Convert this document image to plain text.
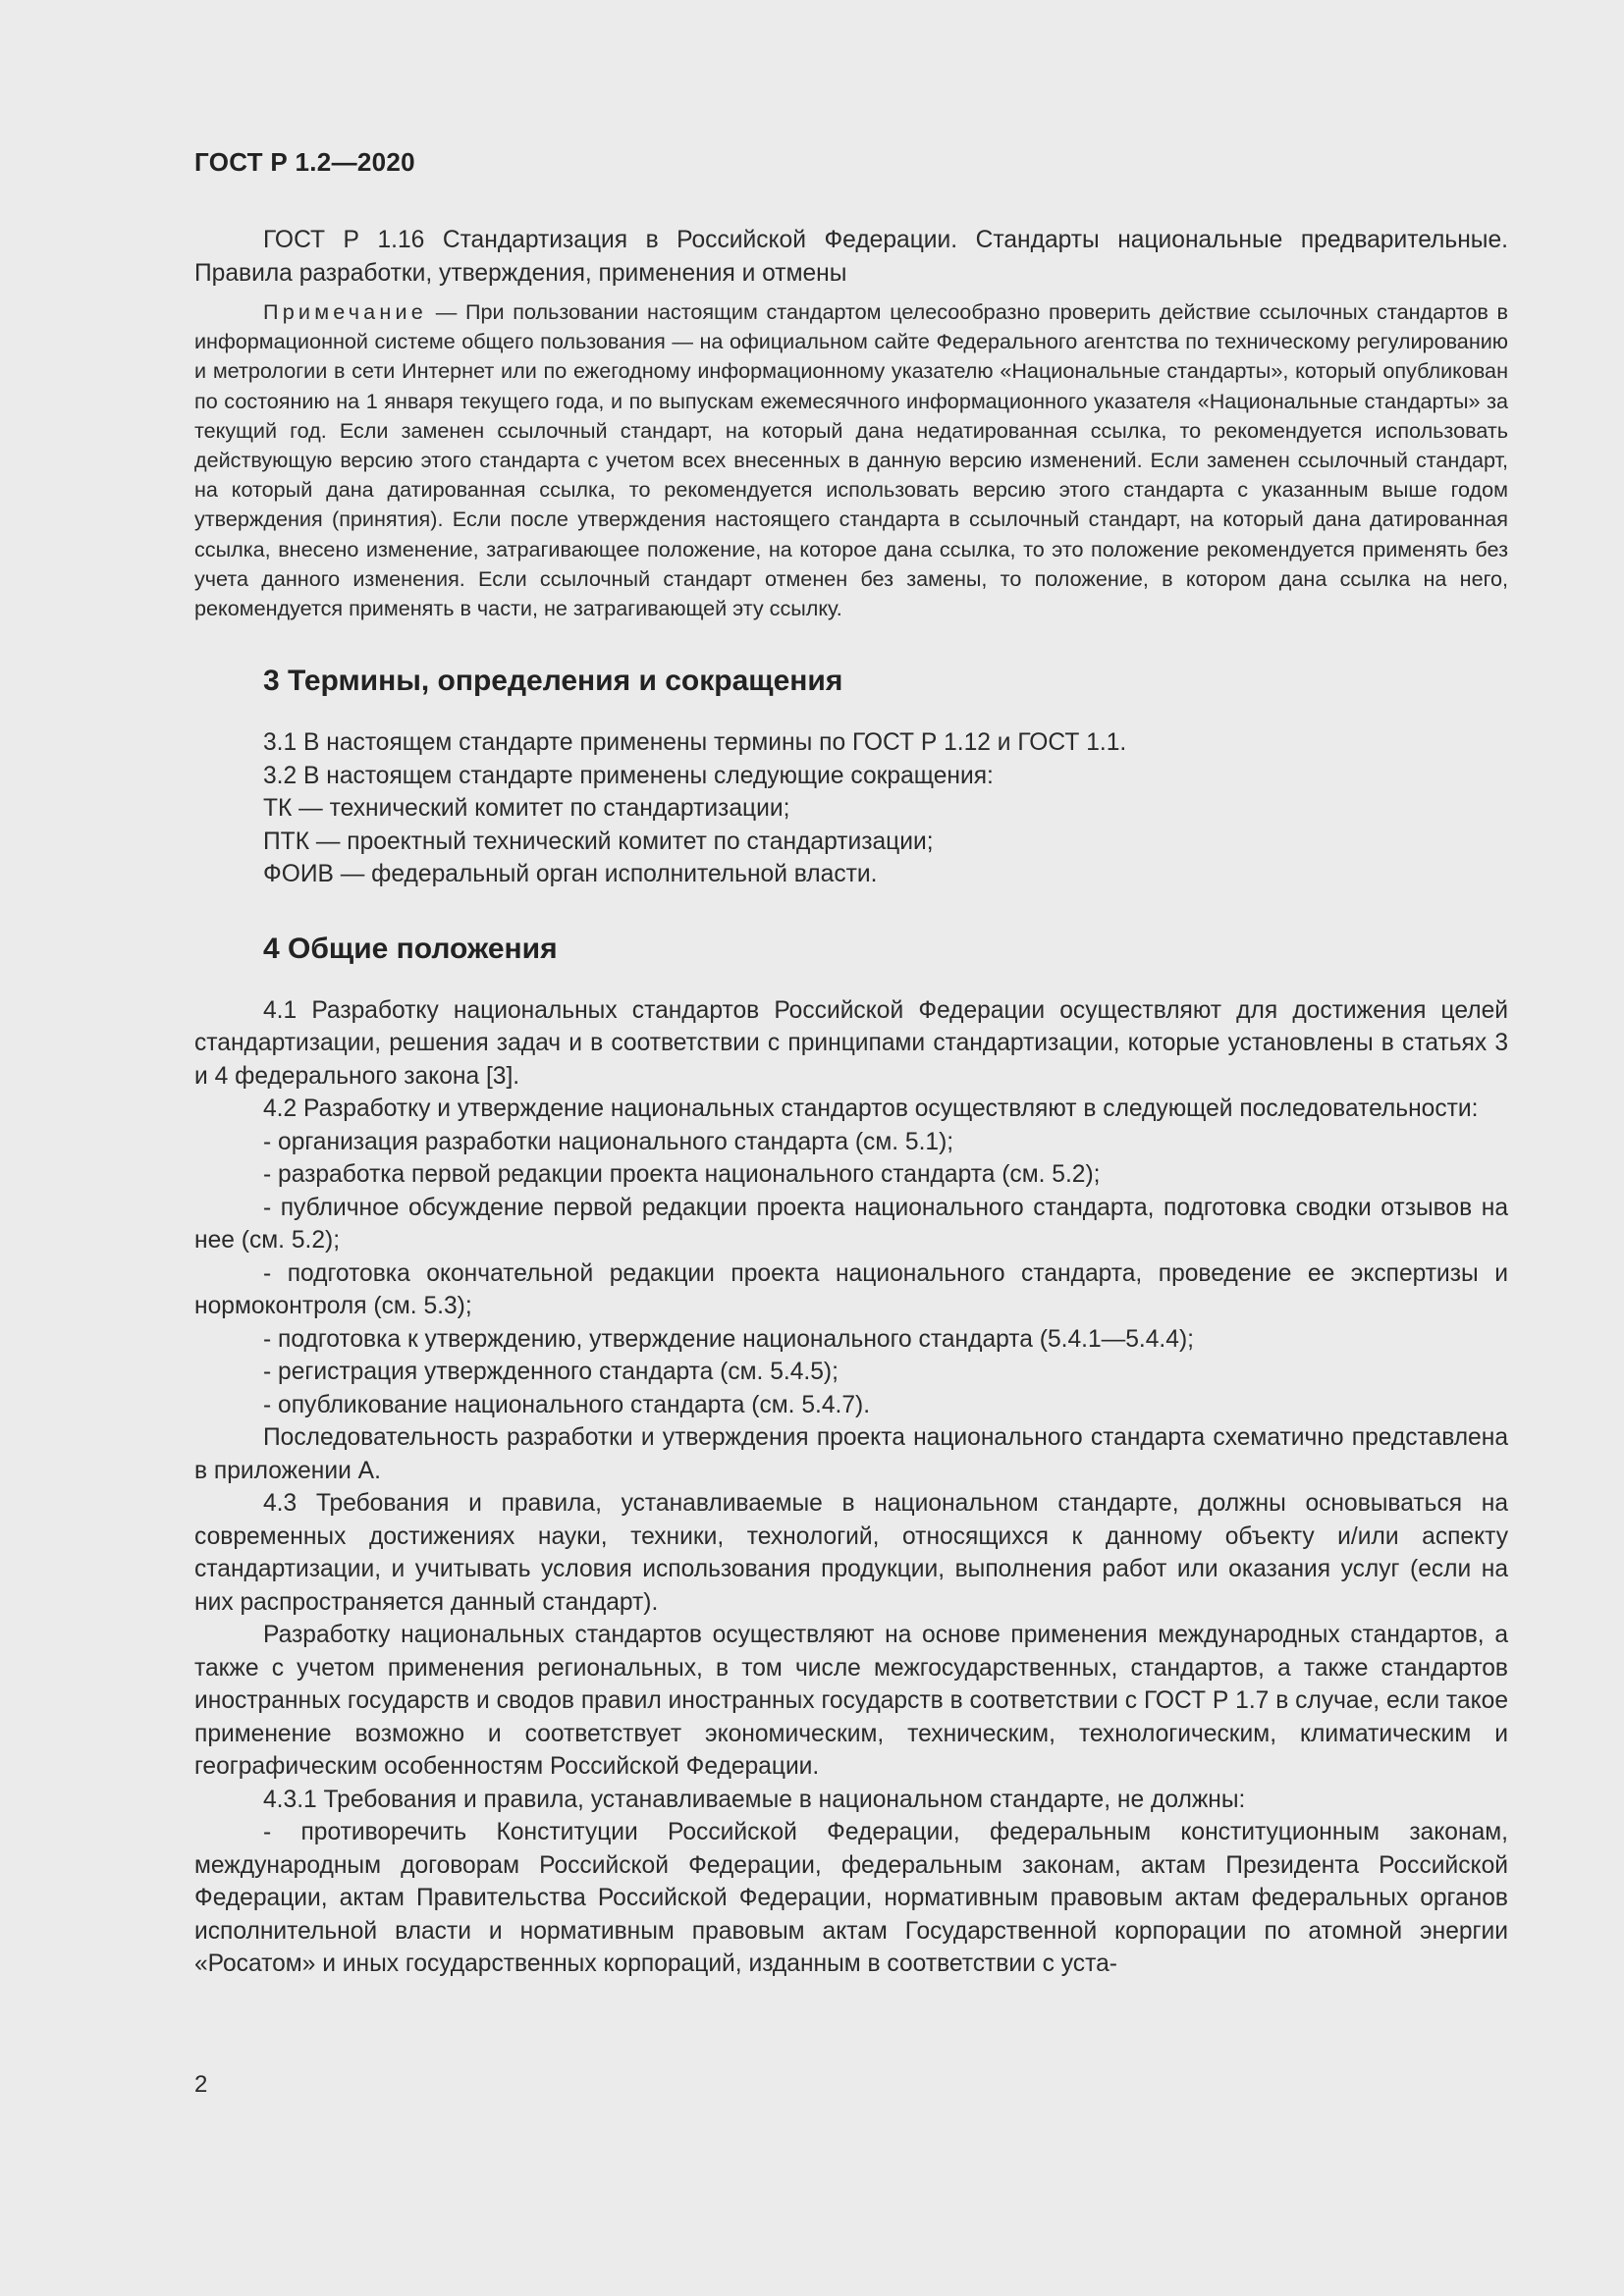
ГОСТ Р 1.2—2020

ГОСТ Р 1.16 Стандартизация в Российской Федерации. Стандарты национальные предварительные. Правила разработки, утверждения, применения и отмены

Примечание — При пользовании настоящим стандартом целесообразно проверить действие ссылочных стандартов в информационной системе общего пользования — на официальном сайте Федерального агентства по техническому регулированию и метрологии в сети Интернет или по ежегодному информационному указателю «Национальные стандарты», который опубликован по состоянию на 1 января текущего года, и по выпускам ежемесячного информационного указателя «Национальные стандарты» за текущий год. Если заменен ссылочный стандарт, на который дана недатированная ссылка, то рекомендуется использовать действующую версию этого стандарта с учетом всех внесенных в данную версию изменений. Если заменен ссылочный стандарт, на который дана датированная ссылка, то рекомендуется использовать версию этого стандарта с указанным выше годом утверждения (принятия). Если после утверждения настоящего стандарта в ссылочный стандарт, на который дана датированная ссылка, внесено изменение, затрагивающее положение, на которое дана ссылка, то это положение рекомендуется применять без учета данного изменения. Если ссылочный стандарт отменен без замены, то положение, в котором дана ссылка на него, рекомендуется применять в части, не затрагивающей эту ссылку.

3 Термины, определения и сокращения

3.1 В настоящем стандарте применены термины по ГОСТ Р 1.12 и ГОСТ 1.1.

3.2 В настоящем стандарте применены следующие сокращения:

ТК — технический комитет по стандартизации;

ПТК — проектный технический комитет по стандартизации;

ФОИВ — федеральный орган исполнительной власти.

4 Общие положения

4.1 Разработку национальных стандартов Российской Федерации осуществляют для достижения целей стандартизации, решения задач и в соответствии с принципами стандартизации, которые установлены в статьях 3 и 4 федерального закона [3].

4.2 Разработку и утверждение национальных стандартов осуществляют в следующей последовательности:

- организация разработки национального стандарта (см. 5.1);

- разработка первой редакции проекта национального стандарта (см. 5.2);

- публичное обсуждение первой редакции проекта национального стандарта, подготовка сводки отзывов на нее (см. 5.2);

- подготовка окончательной редакции проекта национального стандарта, проведение ее экспертизы и нормоконтроля (см. 5.3);

- подготовка к утверждению, утверждение национального стандарта (5.4.1—5.4.4);

- регистрация утвержденного стандарта (см. 5.4.5);

- опубликование национального стандарта (см. 5.4.7).

Последовательность разработки и утверждения проекта национального стандарта схематично представлена в приложении А.

4.3 Требования и правила, устанавливаемые в национальном стандарте, должны основываться на современных достижениях науки, техники, технологий, относящихся к данному объекту и/или аспекту стандартизации, и учитывать условия использования продукции, выполнения работ или оказания услуг (если на них распространяется данный стандарт).

Разработку национальных стандартов осуществляют на основе применения международных стандартов, а также с учетом применения региональных, в том числе межгосударственных, стандартов, а также стандартов иностранных государств и сводов правил иностранных государств в соответствии с ГОСТ Р 1.7 в случае, если такое применение возможно и соответствует экономическим, техническим, технологическим, климатическим и географическим особенностям Российской Федерации.

4.3.1 Требования и правила, устанавливаемые в национальном стандарте, не должны:

- противоречить Конституции Российской Федерации, федеральным конституционным законам, международным договорам Российской Федерации, федеральным законам, актам Президента Российской Федерации, актам Правительства Российской Федерации, нормативным правовым актам федеральных органов исполнительной власти и нормативным правовым актам Государственной корпорации по атомной энергии «Росатом» и иных государственных корпораций, изданным в соответствии с уста-

2
